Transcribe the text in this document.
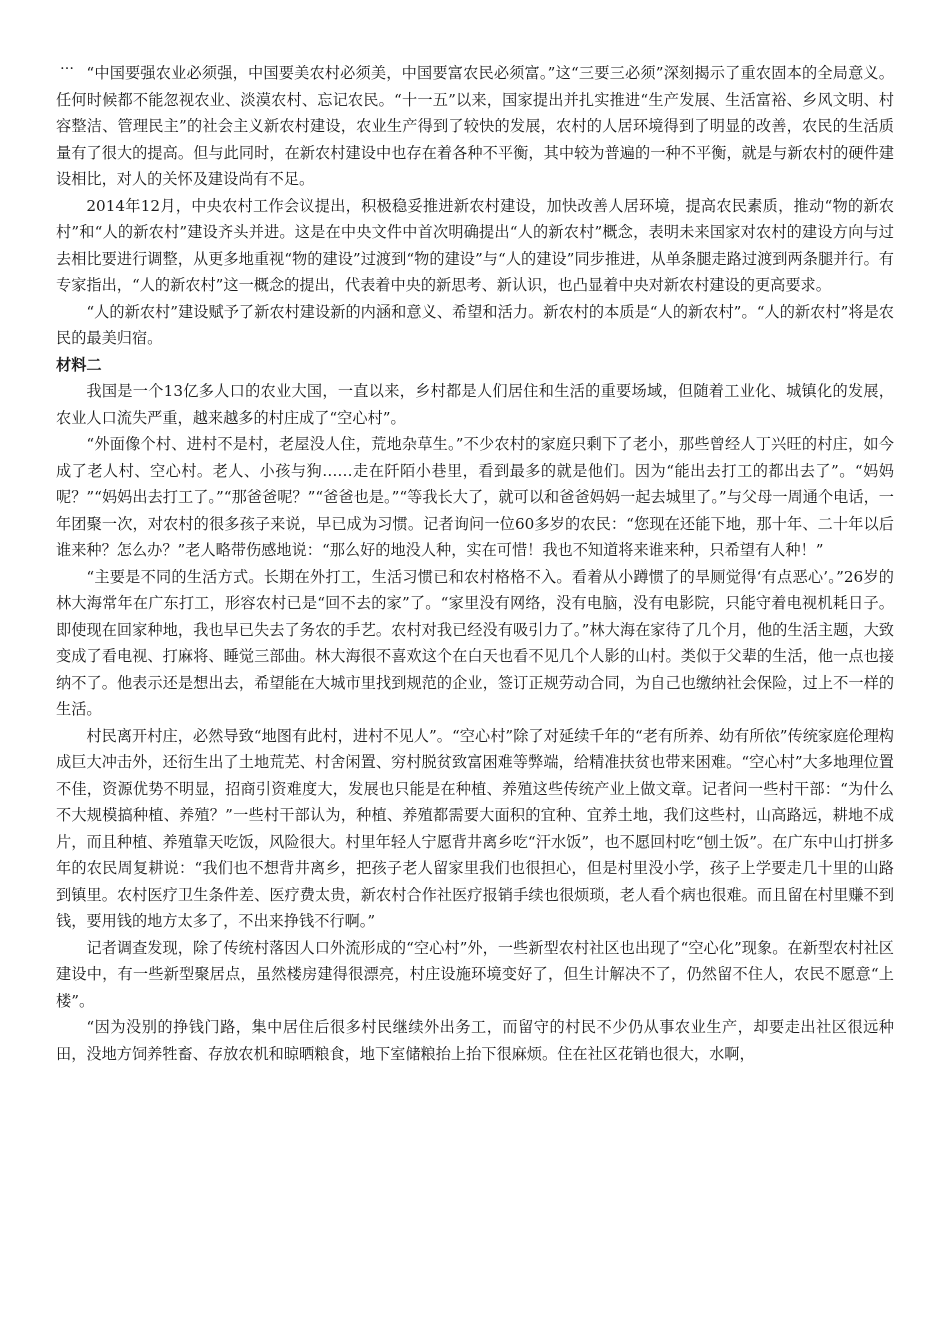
… “中国要强农业必须强，中国要美农村必须美，中国要富农民必须富。”这“三要三必须”深刻揭示了重农固本的全局意义。任何时候都不能忽视农业、淡漠农村、忘记农民。“十一五”以来，国家提出并扎实推进“生产发展、生活富裕、乡风文明、村容整洁、管理民主”的社会主义新农村建设，农业生产得到了较快的发展，农村的人居环境得到了明显的改善，农民的生活质量有了很大的提高。但与此同时，在新农村建设中也存在着各种不平衡，其中较为普遍的一种不平衡，就是与新农村的硬件建设相比，对人的关怀及建设尚有不足。

2014年12月，中央农村工作会议提出，积极稳妥推进新农村建设，加快改善人居环境，提高农民素质，推动“物的新农村”和“人的新农村”建设齐头并进。这是在中央文件中首次明确提出“人的新农村”概念，表明未来国家对农村的建设方向与过去相比要进行调整，从更多地重视“物的建设”过渡到“物的建设”与“人的建设”同步推进，从单条腿走路过渡到两条腿并行。有专家指出，“人的新农村”这一概念的提出，代表着中央的新思考、新认识，也凸显着中央对新农村建设的更高要求。

“人的新农村”建设赋予了新农村建设新的内涵和意义、希望和活力。新农村的本质是“人的新农村”。“人的新农村”将是农民的最美归宿。

材料二

我国是一个13亿多人口的农业大国，一直以来，乡村都是人们居住和生活的重要场域，但随着工业化、城镇化的发展，农业人口流失严重，越来越多的村庄成了“空心村”。

“外面像个村、进村不是村，老屋没人住，荒地杂草生。”不少农村的家庭只剩下了老小，那些曾经人丁兴旺的村庄，如今成了老人村、空心村。老人、小孩与狗……走在阡陌小巷里，看到最多的就是他们。因为“能出去打工的都出去了”。“妈妈呢？”“妈妈出去打工了。”“那爸爸呢？”“爸爸也是。”“等我长大了，就可以和爸爸妈妈一起去城里了。”与父母一周通个电话，一年团聚一次，对农村的很多孩子来说，早已成为习惯。记者询问一位60多岁的农民：“您现在还能下地，那十年、二十年以后谁来种？怎么办？”老人略带伤感地说：“那么好的地没人种，实在可惜！我也不知道将来谁来种，只希望有人种！”

“主要是不同的生活方式。长期在外打工，生活习惯已和农村格格不入。看着从小蹲惯了的旱厕觉得‘有点恶心’。”26岁的林大海常年在广东打工，形容农村已是“回不去的家”了。“家里没有网络，没有电脑，没有电影院，只能守着电视机耗日子。即使现在回家种地，我也早已失去了务农的手艺。农村对我已经没有吸引力了。”林大海在家待了几个月，他的生活主题，大致变成了看电视、打麻将、睡觉三部曲。林大海很不喜欢这个在白天也看不见几个人影的山村。类似于父辈的生活，他一点也接纳不了。他表示还是想出去，希望能在大城市里找到规范的企业，签订正规劳动合同，为自己也缴纳社会保险，过上不一样的生活。

村民离开村庄，必然导致“地图有此村，进村不见人”。“空心村”除了对延续千年的“老有所养、幼有所依”传统家庭伦理构成巨大冲击外，还衍生出了土地荒芜、村舍闲置、穷村脱贫致富困难等弊端，给精准扶贫也带来困难。“空心村”大多地理位置不佳，资源优势不明显，招商引资难度大，发展也只能是在种植、养殖这些传统产业上做文章。记者问一些村干部：“为什么不大规模搞种植、养殖？”一些村干部认为，种植、养殖都需要大面积的宜种、宜养土地，我们这些村，山高路远，耕地不成片，而且种植、养殖靠天吃饭，风险很大。村里年轻人宁愿背井离乡吃“汗水饭”，也不愿回村吃“刨土饭”。在广东中山打拼多年的农民周复耕说：“我们也不想背井离乡，把孩子老人留家里我们也很担心，但是村里没小学，孩子上学要走几十里的山路到镇里。农村医疗卫生条件差、医疗费太贵，新农村合作社医疗报销手续也很烦琐，老人看个病也很难。而且留在村里赚不到钱，要用钱的地方太多了，不出来挣钱不行啊。”

记者调查发现，除了传统村落因人口外流形成的“空心村”外，一些新型农村社区也出现了“空心化”现象。在新型农村社区建设中，有一些新型聚居点，虽然楼房建得很漂亮，村庄设施环境变好了，但生计解决不了，仍然留不住人，农民不愿意“上楼”。

“因为没别的挣钱门路，集中居住后很多村民继续外出务工，而留守的村民不少仍从事农业生产，却要走出社区很远种田，没地方饲养牲畜、存放农机和晾晒粮食，地下室储粮抬上抬下很麻烦。住在社区花销也很大，水啊，
